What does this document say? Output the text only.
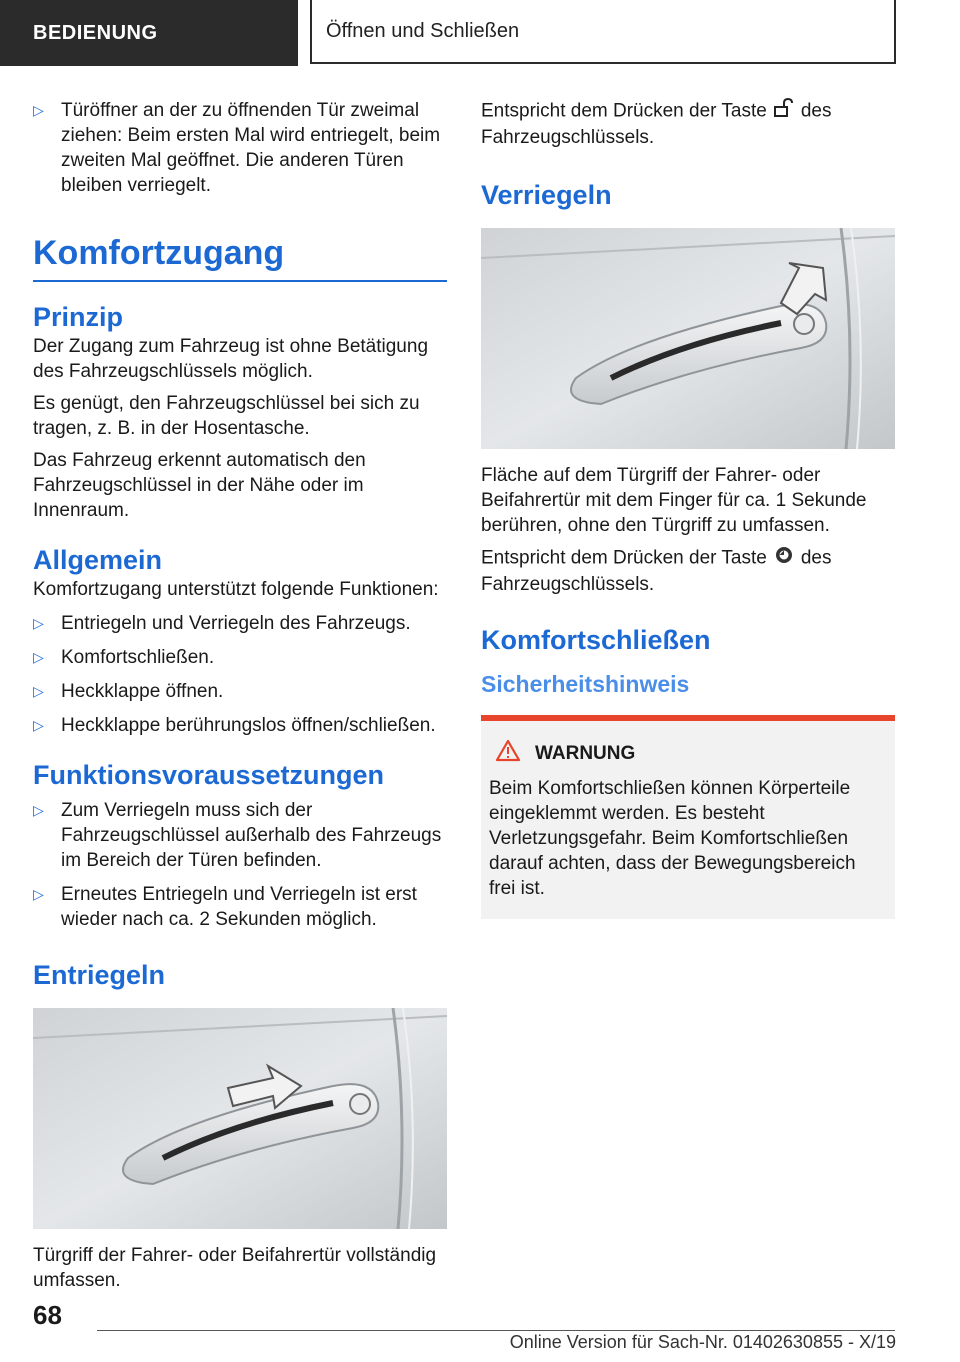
BEDIENUNG	Öffnen und Schließen
▷ Türöffner an der zu öffnenden Tür zweimal ziehen: Beim ersten Mal wird entriegelt, beim zweiten Mal geöffnet. Die anderen Türen bleiben verriegelt.
Komfortzugang
Prinzip

Der Zugang zum Fahrzeug ist ohne Betätigung des Fahrzeugschlüssels möglich.

Es genügt, den Fahrzeugschlüssel bei sich zu tragen, z. B. in der Hosentasche.

Das Fahrzeug erkennt automatisch den Fahrzeugschlüssel in der Nähe oder im Innenraum.

Allgemein

Komfortzugang unterstützt folgende Funktionen:

▷ Entriegeln und Verriegeln des Fahrzeugs.
▷ Komfortschließen.
▷ Heckklappe öffnen.
▷ Heckklappe berührungslos öffnen/schließen.
Funktionsvoraussetzungen
▷ Zum Verriegeln muss sich der Fahrzeugschlüssel außerhalb des Fahrzeugs im Bereich der Türen befinden.
▷ Erneutes Entriegeln und Verriegeln ist erst wieder nach ca. 2 Sekunden möglich.
Entriegeln

Türgriff der Fahrer- oder Beifahrertür vollständig umfassen.

Entspricht dem Drücken der Taste des Fahrzeugschlüssels.

Verriegeln

Fläche auf dem Türgriff der Fahrer- oder Beifahrertür mit dem Finger für ca. 1 Sekunde berühren, ohne den Türgriff zu umfassen.

Entspricht dem Drücken der Taste des Fahrzeugschlüssels.

Komfortschließen
Sicherheitshinweis
WARNUNG

Beim Komfortschließen können Körperteile eingeklemmt werden. Es besteht Verletzungsgefahr. Beim Komfortschließen darauf achten, dass der Bewegungsbereich frei ist.

68
Online Version für Sach-Nr. 01402630855 - X/19
